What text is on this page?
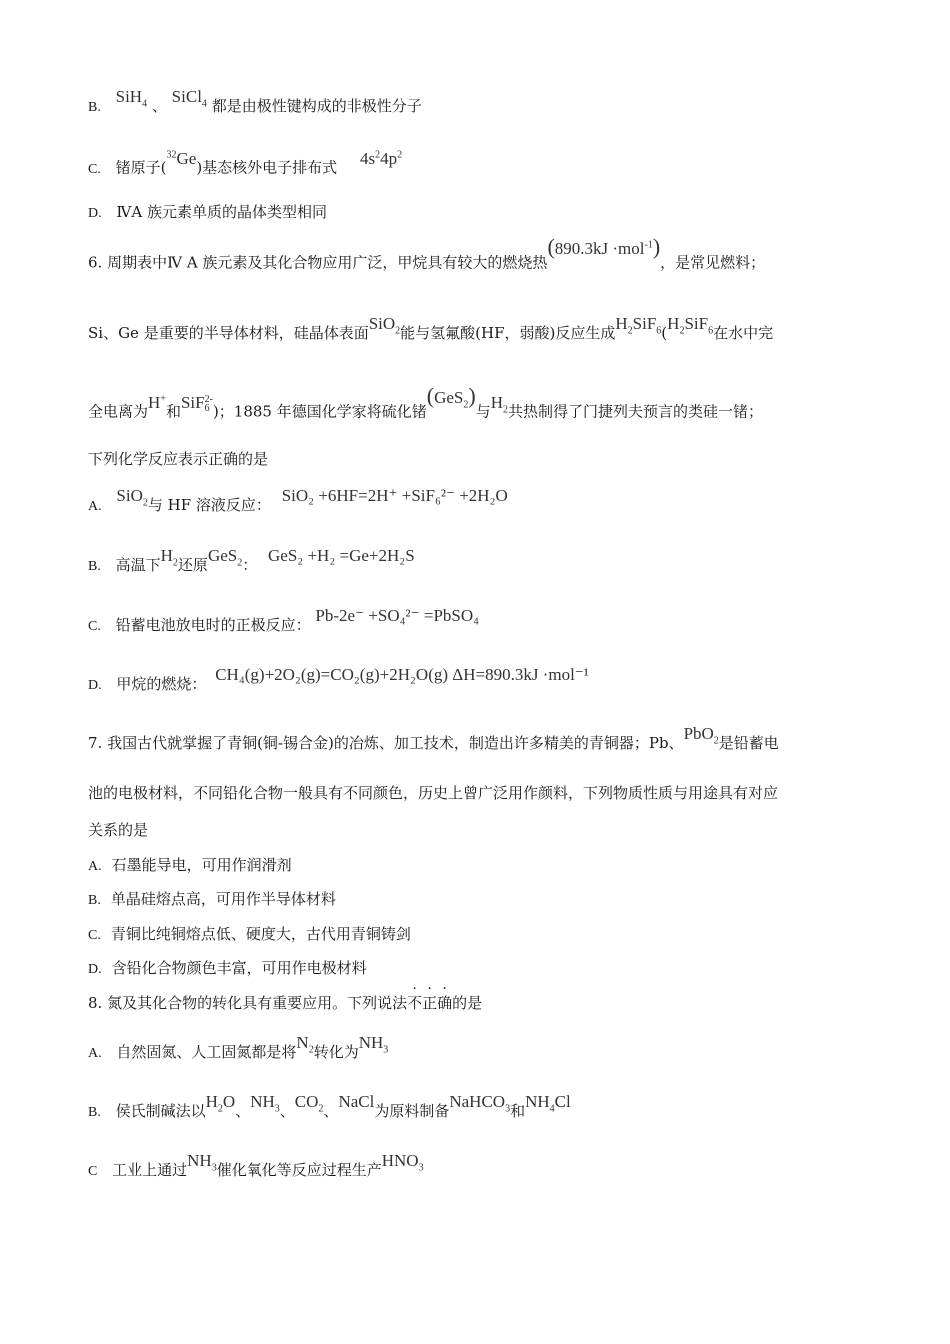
B. SiH$_4$ 、 SiCl$_4$ 都是由极性键构成的非极性分子
C. 锗原子($^{32}$Ge)基态核外电子排布式 $4s^24p^2$
D. ⅣA 族元素单质的晶体类型相同
6. 周期表中Ⅳ A 族元素及其化合物应用广泛，甲烷具有较大的燃烧热(890.3kJ ·mol$^{-1}$)，是常见燃料；
Si、Ge 是重要的半导体材料，硅晶体表面SiO$_2$能与氢氟酸(HF，弱酸)反应生成$H_2SiF_6(H_2SiF_6$在水中完
全电离为H+和SiF 2-
6 )；1885 年德国化学家将硫化锗(GeS$_2$)与$H_2$共热制得了门捷列夫预言的类硅一锗；
下列化学反应表示正确的是
A. SiO$_2$与 HF 溶液反应： SiO₂ +6HF=2H⁺ +SiF₆²⁻ +2H₂O
B. 高温下$H_2$还原GeS$_2$： GeS₂ +H₂ =Ge+2H₂S
C. 铅蓄电池放电时的正极反应： Pb-2e⁻ +SO₄²⁻ =PbSO₄
D. 甲烷的燃烧： CH₄(g)+2O₂(g)=CO₂(g)+2H₂O(g) ΔH=890.3kJ ·mol⁻¹
7. 我国古代就掌握了青铜(铜-锡合金)的冶炼、加工技术，制造出许多精美的青铜器；Pb、PbO$_2$是铅蓄电
池的电极材料，不同铅化合物一般具有不同颜色，历史上曾广泛用作颜料，下列物质性质与用途具有对应
关系的是
A. 石墨能导电，可用作润滑剂
B. 单晶硅熔点高，可用作半导体材料
C. 青铜比纯铜熔点低、硬度大，古代用青铜铸剑
D. 含铅化合物颜色丰富，可用作电极材料
8. 氮及其化合物的转化具有重要应用。下列说法
·
不
·
正
·
确的是
A. 自然固氮、人工固氮都是将$N_2$转化为$NH_3$
B. 侯氏制碱法以$H_2O$、$NH_3$、$CO_2$、NaCl为原料制备NaHCO$_3$和$NH_4Cl$
C 工业上通过$NH_3$催化氧化等反应过程生产$HNO_3$
